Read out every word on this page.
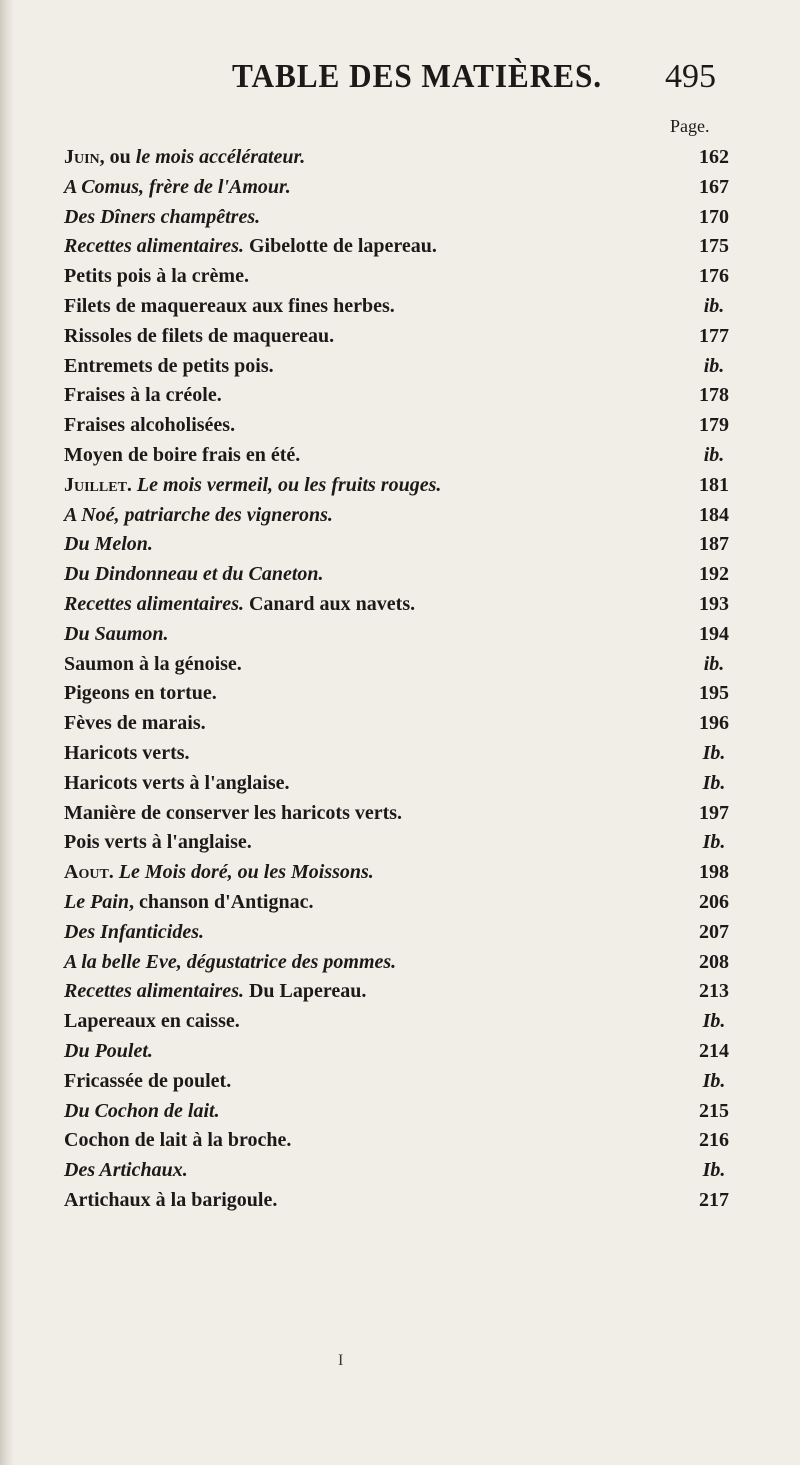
TABLE DES MATIÈRES. 495
Page.
Juin, ou le mois accélérateur.	162
A Comus, frère de l'Amour.	167
Des Dîners champêtres.	170
Recettes alimentaires. Gibelotte de lapereau.	175
Petits pois à la crème.	176
Filets de maquereaux aux fines herbes.	ib.
Rissoles de filets de maquereau.	177
Entremets de petits pois.	ib.
Fraises à la créole.	178
Fraises alcoholisées.	179
Moyen de boire frais en été.	ib.
Juillet. Le mois vermeil, ou les fruits rouges.	181
A Noé, patriarche des vignerons.	184
Du Melon.	187
Du Dindonneau et du Caneton.	192
Recettes alimentaires. Canard aux navets.	193
Du Saumon.	194
Saumon à la génoise.	ib.
Pigeons en tortue.	195
Fèves de marais.	196
Haricots verts.	Ib.
Haricots verts à l'anglaise.	Ib.
Manière de conserver les haricots verts.	197
Pois verts à l'anglaise.	Ib.
Aout. Le Mois doré, ou les Moissons.	198
Le Pain, chanson d'Antignac.	206
Des Infanticides.	207
A la belle Eve, dégustatrice des pommes.	208
Recettes alimentaires. Du Lapereau.	213
Lapereaux en caisse.	Ib.
Du Poulet.	214
Fricassée de poulet.	Ib.
Du Cochon de lait.	215
Cochon de lait à la broche.	216
Des Artichaux.	Ib.
Artichaux à la barigoule.	217
I
